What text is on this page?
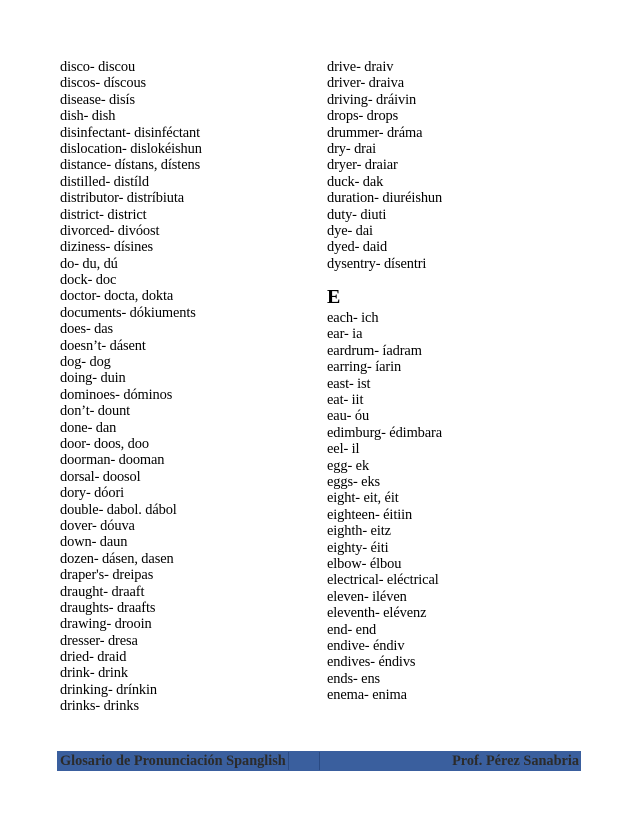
disco- discou
discos- díscous
disease- disís
dish- dish
disinfectant- disinféctant
dislocation- dislokéishun
distance- dístans, dístens
distilled- distíld
distributor- distríbiuta
district- district
divorced- divóost
diziness- dísines
do- du, dú
dock- doc
doctor- docta, dokta
documents- dókiuments
does- das
doesn’t- dásent
dog- dog
doing- duin
dominoes- dóminos
don’t- dount
done- dan
door- doos, doo
doorman- dooman
dorsal- doosol
dory- dóori
double- dabol. dábol
dover- dóuva
down- daun
dozen- dásen, dasen
draper's- dreipas
draught- draaft
draughts- draafts
drawing- drooin
dresser- dresa
dried- draid
drink- drink
drinking- drínkin
drinks- drinks
drive- draiv
driver- draiva
driving- dráivin
drops- drops
drummer- dráma
dry- drai
dryer- draiar
duck- dak
duration- diuréishun
duty- diuti
dye- dai
dyed- daid
dysentry- dísentri
E
each- ich
ear- ia
eardrum- íadram
earring- íarin
east- ist
eat- iit
eau- óu
edimburg- édimbara
eel- il
egg- ek
eggs- eks
eight- eit, éit
eighteen- éitiin
eighth- eitz
eighty- éiti
elbow- élbou
electrical- eléctrical
eleven- iléven
eleventh- elévenz
end- end
endive- éndiv
endives- éndivs
ends- ens
enema- enima
Glosario de Pronunciación Spanglish	Prof. Pérez Sanabria
